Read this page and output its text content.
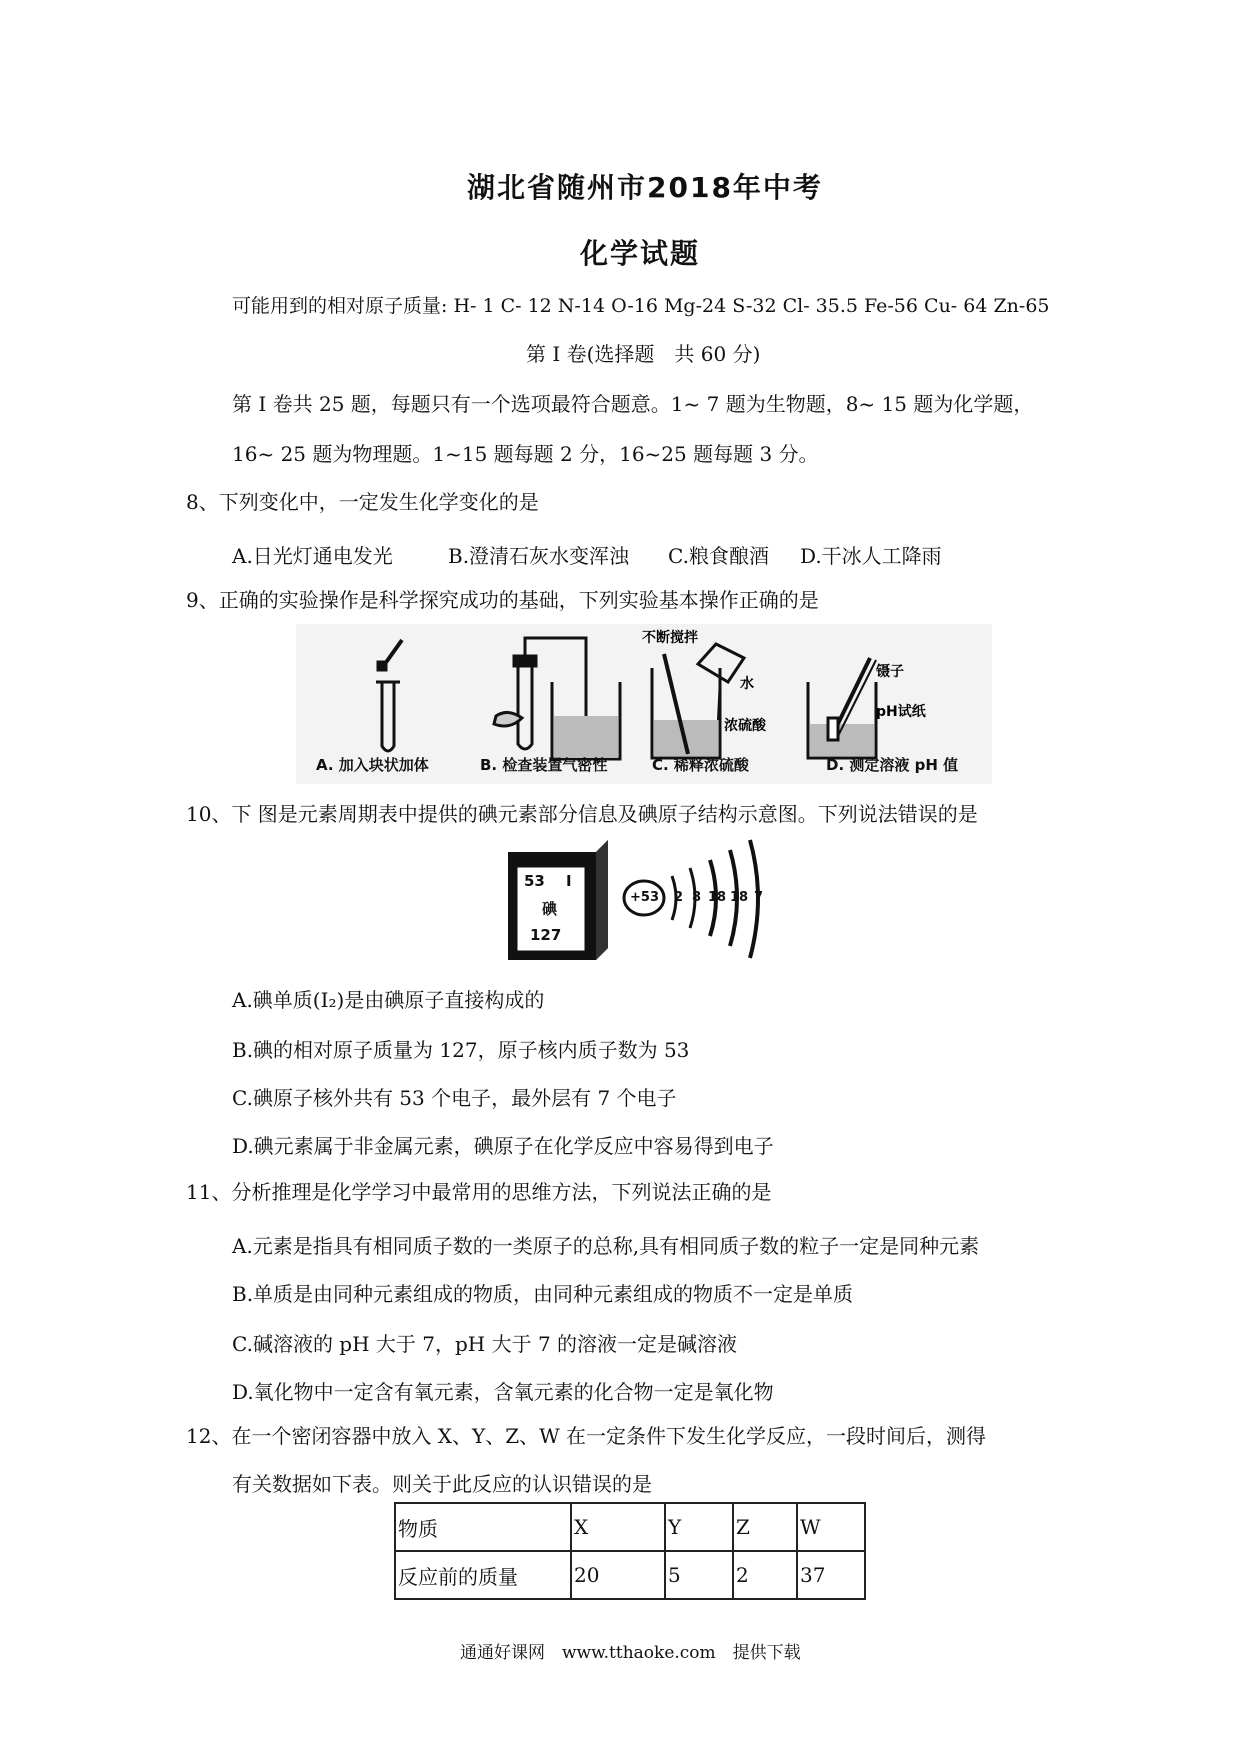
湖北省随州市2018年中考
化学试题
可能用到的相对原子质量: H- 1 C- 12 N-14 O-16 Mg-24 S-32 Cl- 35.5 Fe-56 Cu- 64 Zn-65
第 I 卷(选择题　共 60 分)
第 I 卷共 25 题，每题只有一个选项最符合题意。1~ 7 题为生物题，8~ 15 题为化学题，
16~ 25 题为物理题。1~15 题每题 2 分，16~25 题每题 3 分。
8、下列变化中，一定发生化学变化的是
A.日光灯通电发光	B.澄清石灰水变浑浊 C.粮食酿酒 D.干冰人工降雨
9、正确的实验操作是科学探究成功的基础，下列实验基本操作正确的是
不断搅拌
水
浓硫酸
镊子
pH试纸
A. 加入块状加体	B. 检查装置气密性	C. 稀释浓硫酸	D. 测定溶液 pH 值
10、下 图是元素周期表中提供的碘元素部分信息及碘原子结构示意图。下列说法错误的是
53 I
碘
127
+53 2 8 18 18 7
A.碘单质(I₂)是由碘原子直接构成的
B.碘的相对原子质量为 127，原子核内质子数为 53
C.碘原子核外共有 53 个电子，最外层有 7 个电子
D.碘元素属于非金属元素，碘原子在化学反应中容易得到电子
11、分析推理是化学学习中最常用的思维方法，下列说法正确的是
A.元素是指具有相同质子数的一类原子的总称,具有相同质子数的粒子一定是同种元素
B.单质是由同种元素组成的物质，由同种元素组成的物质不一定是单质
C.碱溶液的 pH 大于 7，pH 大于 7 的溶液一定是碱溶液
D.氧化物中一定含有氧元素，含氧元素的化合物一定是氧化物
12、在一个密闭容器中放入 X、Y、Z、W 在一定条件下发生化学反应，一段时间后，测得
有关数据如下表。则关于此反应的认识错误的是
物质	X	Y	Z	W
反应前的质量	20	5	2	37
通通好课网　www.tthaoke.com　提供下载
